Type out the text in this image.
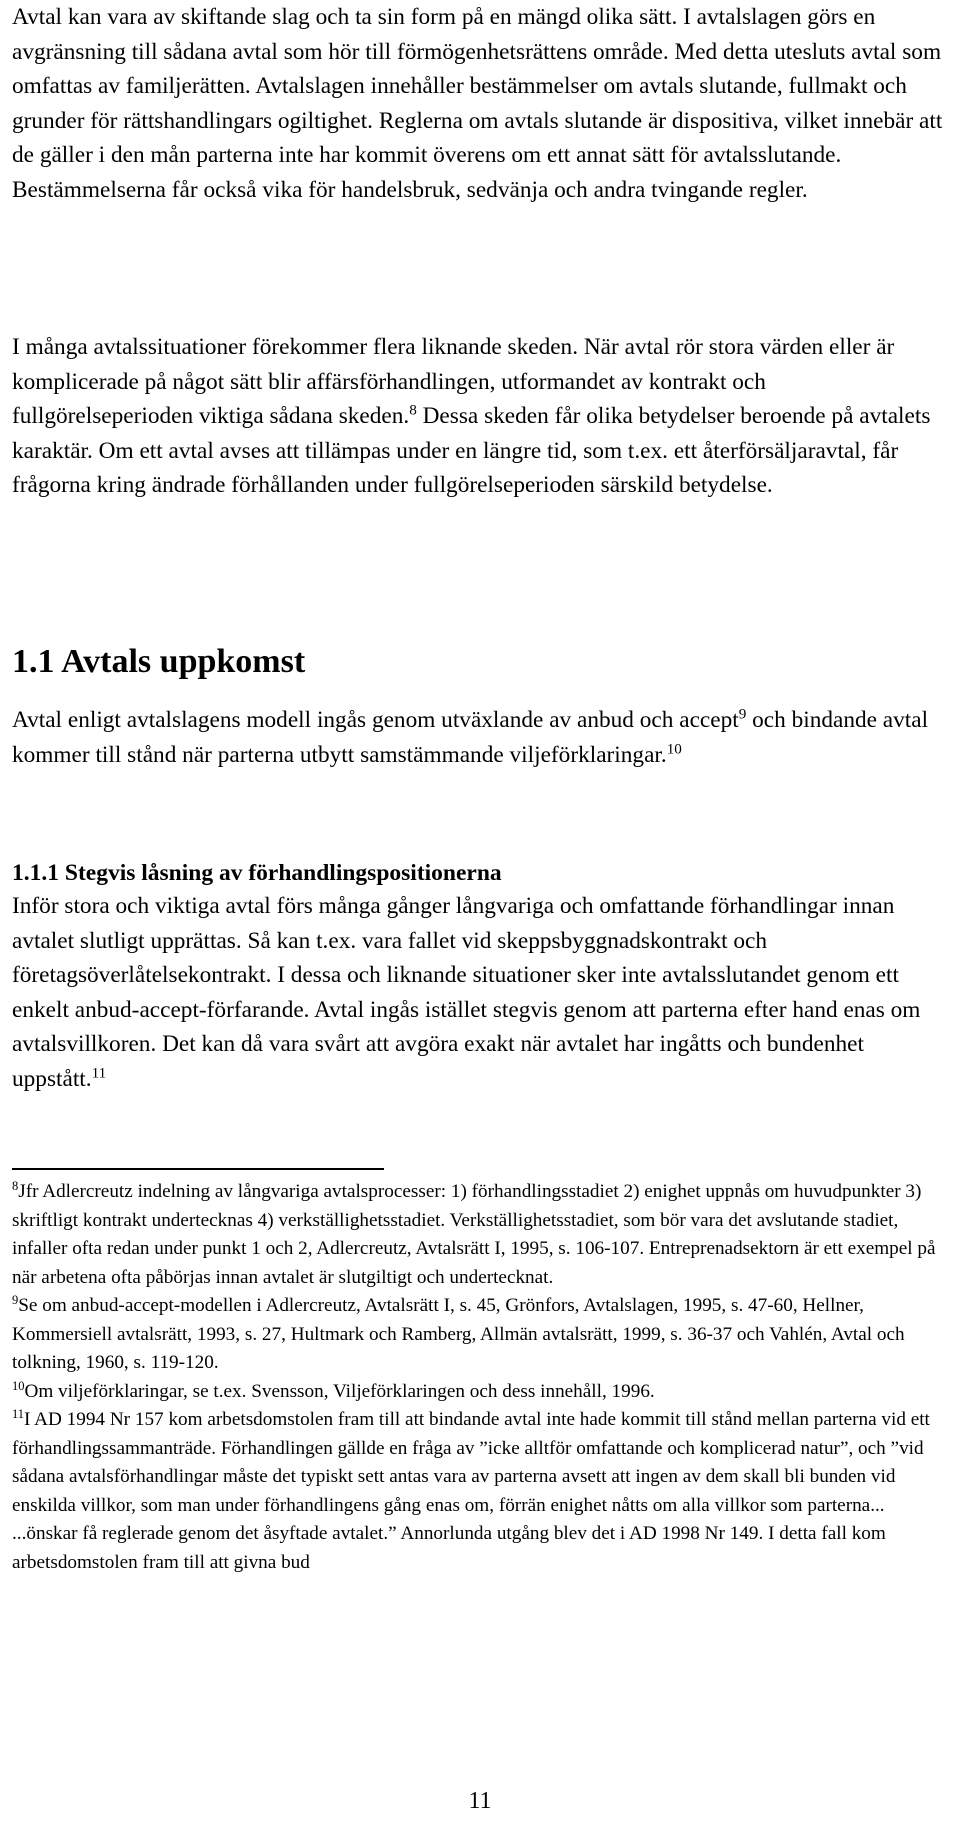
Avtal kan vara av skiftande slag och ta sin form på en mängd olika sätt. I avtalslagen görs en avgränsning till sådana avtal som hör till förmögenhetsrättens område. Med detta utesluts avtal som omfattas av familjerätten. Avtalslagen innehåller bestämmelser om avtals slutande, fullmakt och grunder för rättshandlingars ogiltighet. Reglerna om avtals slutande är dispositiva, vilket innebär att de gäller i den mån parterna inte har kommit överens om ett annat sätt för avtalsslutande. Bestämmelserna får också vika för handelsbruk, sedvänja och andra tvingande regler.

I många avtalssituationer förekommer flera liknande skeden. När avtal rör stora värden eller är komplicerade på något sätt blir affärsförhandlingen, utformandet av kontrakt och fullgörelseperioden viktiga sådana skeden.$^8$ Dessa skeden får olika betydelser beroende på avtalets karaktär. Om ett avtal avses att tillämpas under en längre tid, som t.ex. ett återförsäljaravtal, får frågorna kring ändrade förhållanden under fullgörelseperioden särskild betydelse.

1.1 Avtals uppkomst

Avtal enligt avtalslagens modell ingås genom utväxlande av anbud och accept$^9$ och bindande avtal kommer till stånd när parterna utbytt samstämmande viljeförklaringar.$^{10}$

1.1.1 Stegvis låsning av förhandlingspositionerna

Inför stora och viktiga avtal förs många gånger långvariga och omfattande förhandlingar innan avtalet slutligt upprättas. Så kan t.ex. vara fallet vid skeppsbyggnadskontrakt och företagsöverlåtelsekontrakt. I dessa och liknande situationer sker inte avtalsslutandet genom ett enkelt anbud-accept-förfarande. Avtal ingås istället stegvis genom att parterna efter hand enas om avtalsvillkoren. Det kan då vara svårt att avgöra exakt när avtalet har ingåtts och bundenhet uppstått.$^{11}$

$^8$Jfr Adlercreutz indelning av långvariga avtalsprocesser: 1) förhandlingsstadiet 2) enighet uppnås om huvudpunkter 3) skriftligt kontrakt undertecknas 4) verkställighetsstadiet. Verkställighetsstadiet, som bör vara det avslutande stadiet, infaller ofta redan under punkt 1 och 2, Adlercreutz, Avtalsrätt I, 1995, s. 106-107. Entreprenadsektorn är ett exempel på när arbetena ofta påbörjas innan avtalet är slutgiltigt och undertecknat.

$^9$Se om anbud-accept-modellen i Adlercreutz, Avtalsrätt I, s. 45, Grönfors, Avtalslagen, 1995, s. 47-60, Hellner, Kommersiell avtalsrätt, 1993, s. 27, Hultmark och Ramberg, Allmän avtalsrätt, 1999, s. 36-37 och Vahlén, Avtal och tolkning, 1960, s. 119-120.

$^{10}$Om viljeförklaringar, se t.ex. Svensson, Viljeförklaringen och dess innehåll, 1996.

$^{11}$I AD 1994 Nr 157 kom arbetsdomstolen fram till att bindande avtal inte hade kommit till stånd mellan parterna vid ett förhandlingssammanträde. Förhandlingen gällde en fråga av ”icke alltför omfattande och komplicerad natur”, och ”vid sådana avtalsförhandlingar måste det typiskt sett antas vara av parterna avsett att ingen av dem skall bli bunden vid enskilda villkor, som man under förhandlingens gång enas om, förrän enighet nåtts om alla villkor som parterna... ...önskar få reglerade genom det åsyftade avtalet.” Annorlunda utgång blev det i AD 1998 Nr 149. I detta fall kom arbetsdomstolen fram till att givna bud

11
